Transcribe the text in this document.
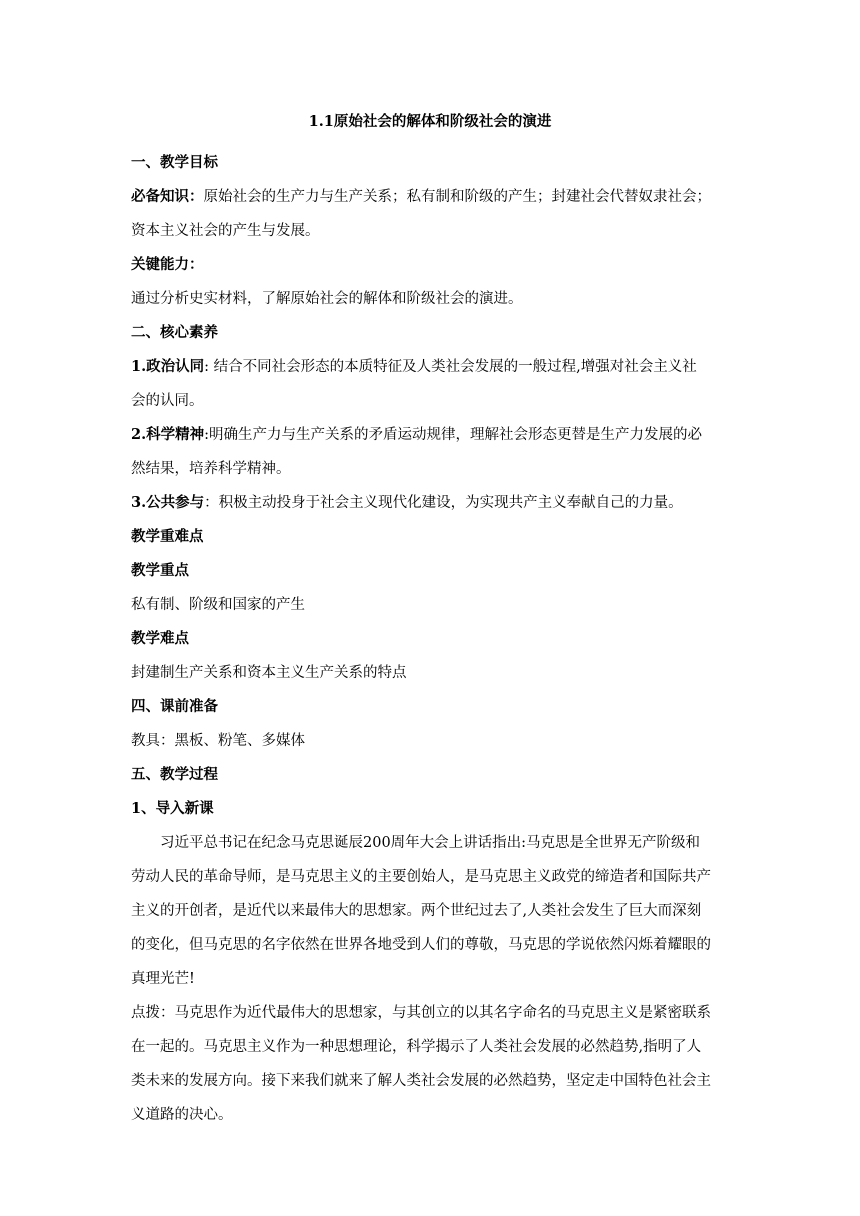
1.1原始社会的解体和阶级社会的演进
一、教学目标
必备知识：原始社会的生产力与生产关系；私有制和阶级的产生；封建社会代替奴隶社会；
资本主义社会的产生与发展。
关键能力：
通过分析史实材料，了解原始社会的解体和阶级社会的演进。
二、核心素养
1.政治认同: 结合不同社会形态的本质特征及人类社会发展的一般过程,增强对社会主义社
会的认同。
2.科学精神:明确生产力与生产关系的矛盾运动规律，理解社会形态更替是生产力发展的必
然结果，培养科学精神。
3.公共参与：积极主动投身于社会主义现代化建设，为实现共产主义奉献自己的力量。
教学重难点
教学重点
私有制、阶级和国家的产生
教学难点
封建制生产关系和资本主义生产关系的特点
四、课前准备
教具：黑板、粉笔、多媒体
五、教学过程
1、导入新课
习近平总书记在纪念马克思诞辰200周年大会上讲话指出:马克思是全世界无产阶级和
劳动人民的革命导师，是马克思主义的主要创始人，是马克思主义政党的缔造者和国际共产
主义的开创者，是近代以来最伟大的思想家。两个世纪过去了,人类社会发生了巨大而深刻
的变化，但马克思的名字依然在世界各地受到人们的尊敬，马克思的学说依然闪烁着耀眼的
真理光芒!
点拨：马克思作为近代最伟大的思想家，与其创立的以其名字命名的马克思主义是紧密联系
在一起的。马克思主义作为一种思想理论，科学揭示了人类社会发展的必然趋势,指明了人
类未来的发展方向。接下来我们就来了解人类社会发展的必然趋势，坚定走中国特色社会主
义道路的决心。
